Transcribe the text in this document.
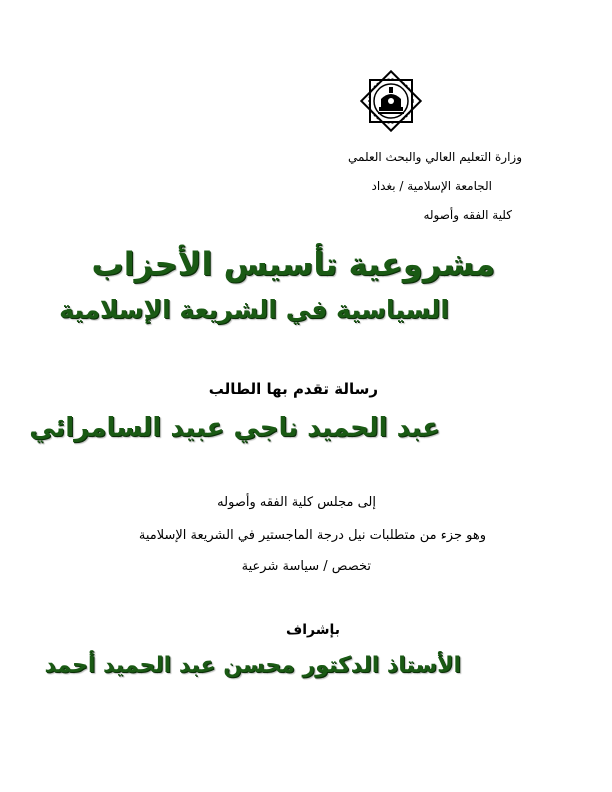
وزارة التعليم العالي والبحث العلمي
الجامعة الإسلامية / بغداد
كلية الفقه وأصوله
مشروعية تأسيس الأحزاب
السياسية في الشريعة الإسلامية
رسالة تقدم بها الطالب
عبد الحميد ناجي عبيد السامرائي
إلى مجلس كلية الفقه وأصوله
وهو جزء من متطلبات نيل درجة الماجستير في الشريعة الإسلامية
تخصص / سياسة شرعية
بإشراف
الأستاذ الدكتور محسن عبد الحميد أحمد
